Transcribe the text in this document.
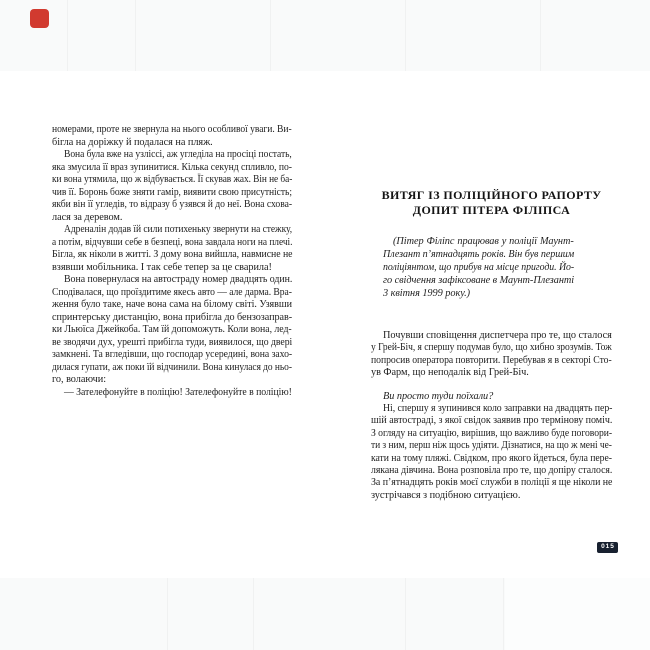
номерами, проте не звернула на нього особливої уваги. Ви-
бігла на доріжку й подалася на пляж.
Вона була вже на узліссі, аж угледіла на просіці постать,
яка змусила її враз зупинитися. Кілька секунд спливло, по-
ки вона утямила, що ж відбувається. Її скував жах. Він не ба-
чив її. Боронь боже зняти гамір, виявити свою присутність;
якби він її угледів, то відразу б узявся й до неї. Вона схова-
лася за деревом.
Адреналін додав їй сили потихеньку звернути на стежку,
а потім, відчувши себе в безпеці, вона завдала ноги на плечі.
Бігла, як ніколи в житті. З дому вона вийшла, навмисне не
взявши мобільника. І так себе тепер за це сварила!
Вона повернулася на автостраду номер двадцять один.
Сподівалася, що проїздитиме якесь авто — але дарма. Вра-
ження було таке, наче вона сама на білому світі. Узявши
спринтерську дистанцію, вона прибігла до бензозаправ-
ки Льюїса Джейкоба. Там їй допоможуть. Коли вона, лед-
ве зводячи дух, урешті прибігла туди, виявилося, що двері
замкнені. Та вгледівши, що господар усередині, вона захо-
дилася гупати, аж поки їй відчинили. Вона кинулася до ньо-
го, волаючи:
— Зателефонуйте в поліцію! Зателефонуйте в поліцію!
ВИТЯГ ІЗ ПОЛІЦІЙНОГО РАПОРТУ
ДОПИТ ПІТЕРА ФІЛІПСА
(Пітер Філіпс працював у поліції Маунт-
Плезант п’ятнадцять років. Він був першим
поліціянтом, що прибув на місце пригоди. Йо-
го свідчення зафіксоване в Маунт-Плезанті
3 квітня 1999 року.)
Почувши сповіщення диспетчера про те, що сталося
у Грей-Біч, я спершу подумав було, що хибно зрозумів. Тож
попросив оператора повторити. Перебував я в секторі Сто-
ув Фарм, що неподалік від Грей-Біч.
Ви просто туди поїхали?
Ні, спершу я зупинився коло заправки на двадцять пер-
шій автостраді, з якої свідок заявив про термінову поміч.
З огляду на ситуацію, вирішив, що важливо буде поговори-
ти з ним, перш ніж щось удіяти. Дізнатися, на що ж мені че-
кати на тому пляжі. Свідком, про якого йдеться, була пере-
лякана дівчина. Вона розповіла про те, що допіру сталося.
За п’ятнадцять років моєї служби в поліції я ще ніколи не
зустрічався з подібною ситуацією.
015
